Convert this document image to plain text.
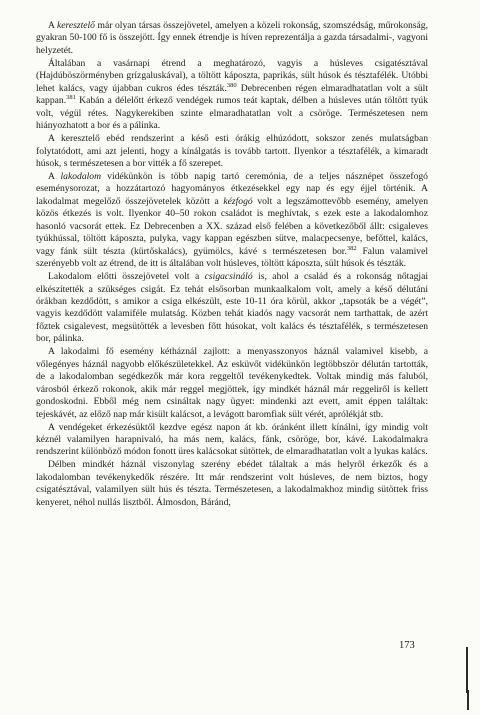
A keresztelő már olyan társas összejövetel, amelyen a közeli rokonság, szomszédság, műrokonság, gyakran 50-100 fő is összejött. Így ennek étrendje is híven reprezentálja a gazda társadalmi-, vagyoni helyzetét.

Általában a vasárnapi étrend a meghatározó, vagyis a húsleves csigatésztával (Hajdúböszörményben grízgaluskával), a töltött káposzta, paprikás, sült húsok és tésztafélék. Utóbbi lehet kalács, vagy újabban cukros édes tészták.$^{380}$ Debrecenben régen elmaradhatatlan volt a sült kappan.$^{381}$ Kabán a délelőtt érkező vendégek rumos teát kaptak, délben a húsleves után töltött tyúk volt, végül rétes. Nagykerekiben szinte elmaradhatatlan volt a csöröge. Természetesen nem hiányozhatott a bor és a pálinka.

A keresztelő ebéd rendszerint a késő esti órákig elhúzódott, sokszor zenés mulatságban folytatódott, ami azt jelenti, hogy a kínálgatás is tovább tartott. Ilyenkor a tésztafélék, a kimaradt húsok, s természetesen a bor vitték a fő szerepet.

A lakodalom vidékünkön is több napig tartó ceremónia, de a teljes násznépet összefogó eseménysorozat, a hozzátartozó hagyományos étkezésekkel egy nap és egy éjjel történik. A lakodalmat megelőző összejövetelek között a kézfogó volt a legszámottevőbb esemény, amelyen közös étkezés is volt. Ilyenkor 40–50 rokon családot is meghívtak, s ezek este a lakodalomhoz hasonló vacsorát ettek. Ez Debrecenben a XX. század első felében a következőből állt: csigaleves tyúkhússal, töltött káposzta, pulyka, vagy kappan egészben sütve, malacpecsenye, befőttel, kalács, vagy fánk sült tészta (kürtőskalács), gyümölcs, kávé s természetesen bor.$^{382}$ Falun valamivel szerényebb volt az étrend, de itt is általában volt húsleves, töltött káposzta, sült húsok és tészták.

Lakodalom előtti összejövetel volt a csigacsináló is, ahol a család és a rokonság nőtagjai elkészítették a szükséges csigát. Ez tehát elsősorban munkaalkalom volt, amely a késő délutáni órákban kezdődött, s amikor a csiga elkészült, este 10-11 óra körül, akkor „tapsoták be a végét”, vagyis kezdődött valamiféle mulatság. Közben tehát kiadós nagy vacsorát nem tarthattak, de azért főztek csigalevest, megsütötték a levesben főtt húsokat, volt kalács és tésztafélék, s természetesen bor, pálinka.

A lakodalmi fő esemény kétháznál zajlott: a menyasszonyos háznál valamivel kisebb, a vőlegényes háznál nagyobb előkészületekkel. Az esküvőt vidékünkön legtöbbször délután tartották, de a lakodalomban segédkezők már kora reggeltől tevékenykedtek. Voltak mindig más faluból, városból érkező rokonok, akik már reggel megjöttek, így mindkét háznál már reggeliről is kellett gondoskodni. Ebből még nem csináltak nagy ügyet: mindenki azt evett, amit éppen találtak: tejeskávét, az előző nap már kisült kalácsot, a levágott baromfiak sült vérét, aprólékját stb.

A vendégeket érkezésüktől kezdve egész napon át kb. óránként illett kínálni, így mindig volt kéznél valamilyen harapnivaló, ha más nem, kalács, fánk, csöröge, bor, kávé. Lakodalmakra rendszerint különböző módon fonott üres kalácsokat sütöttek, de elmaradhatatlan volt a lyukas kalács.

Délben mindkét háznál viszonylag szerény ebédet tálaltak a más helyről érkezők és a lakodalomban tevékenykedők részére. Itt már rendszerint volt húsleves, de nem biztos, hogy csigatésztával, valamilyen sült hús és tészta. Természetesen, a lakodalmakhoz mindig sütöttek friss kenyeret, néhol nullás lisztből. Álmosdon, Báránd,

173
